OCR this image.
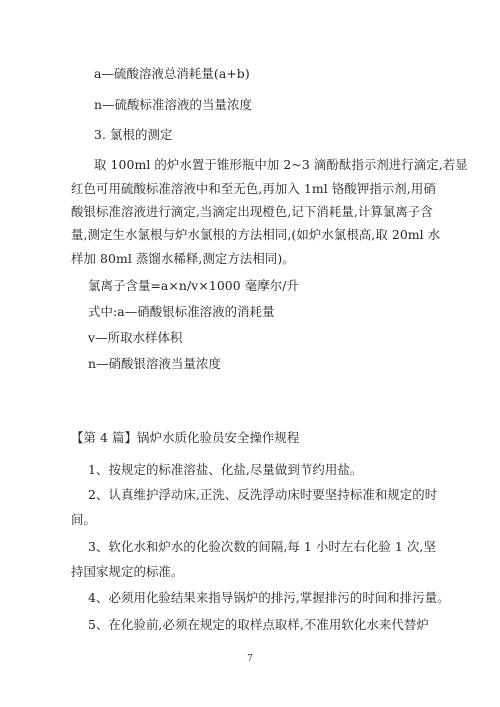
a—硫酸溶液总消耗量(a+b)
n—硫酸标准溶液的当量浓度
3. 氯根的测定
取 100ml 的炉水置于锥形瓶中加 2~3 滴酚酞指示剂进行滴定,若显
红色可用硫酸标准溶液中和至无色,再加入 1ml 铬酸钾指示剂,用硝
酸银标准溶液进行滴定,当滴定出现橙色,记下消耗量,计算氯离子含
量,测定生水氯根与炉水氯根的方法相同,(如炉水氯根高,取 20ml 水
样加 80ml 蒸馏水稀释,测定方法相同)。
氯离子含量=a×n/v×1000 毫摩尔/升
式中:a—硝酸银标准溶液的消耗量
v—所取水样体积
n—硝酸银溶液当量浓度
【第 4 篇】锅炉水质化验员安全操作规程
1、按规定的标准溶盐、化盐,尽量做到节约用盐。
2、认真维护浮动床,正洗、反洗浮动床时要坚持标准和规定的时
间。
3、软化水和炉水的化验次数的间隔,每 1 小时左右化验 1 次,坚
持国家规定的标准。
4、必须用化验结果来指导锅炉的排污,掌握排污的时间和排污量。
5、在化验前,必须在规定的取样点取样,不准用软化水来代替炉
7
